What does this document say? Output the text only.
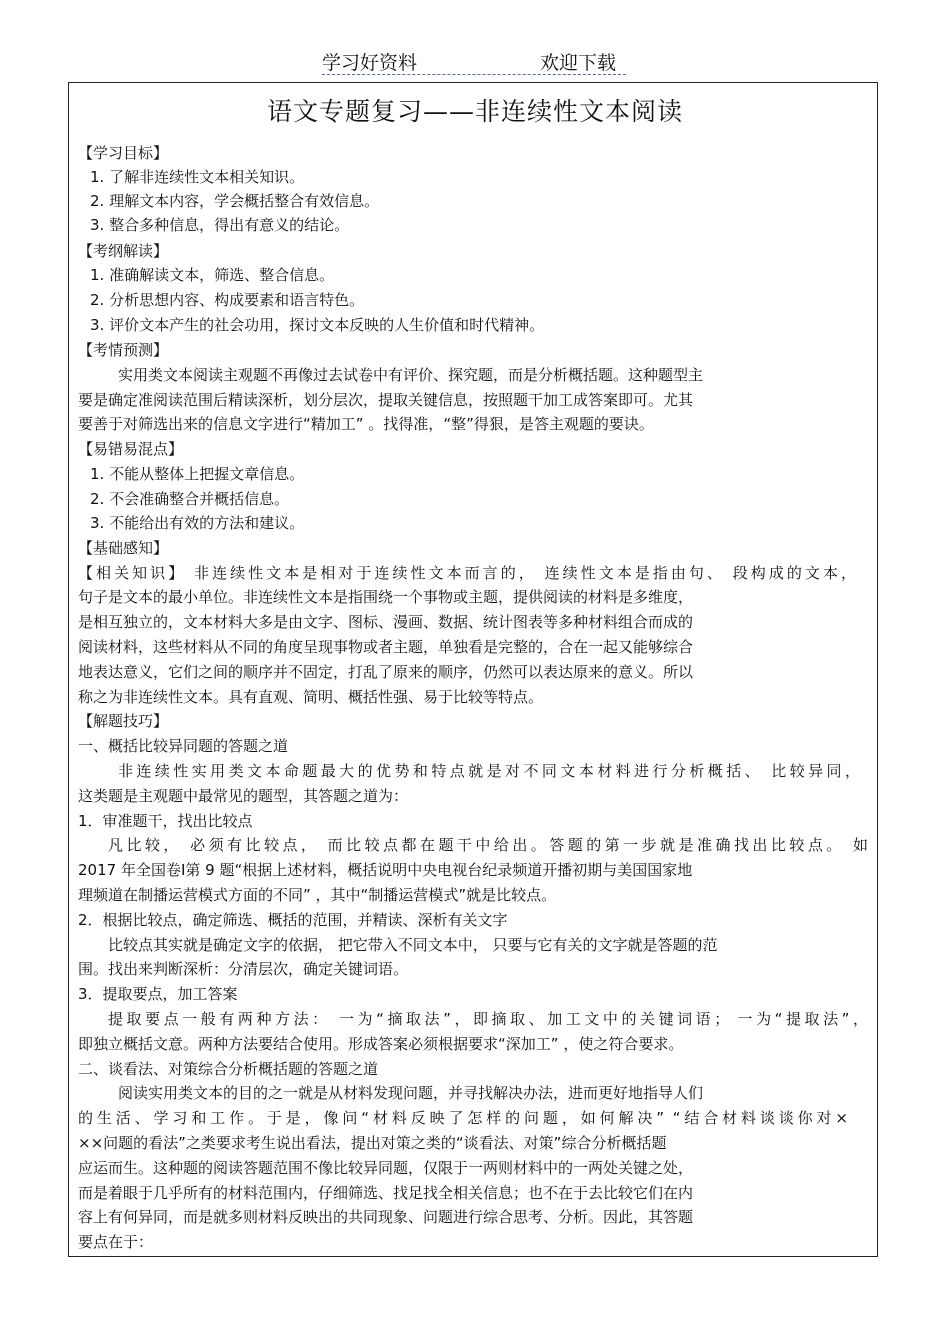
学习好资料	欢迎下载
语文专题复习——非连续性文本阅读
【学习目标】
1. 了解非连续性文本相关知识。
2. 理解文本内容，学会概括整合有效信息。
3. 整合多种信息，得出有意义的结论。
【考纲解读】
1. 准确解读文本，筛选、整合信息。
2. 分析思想内容、构成要素和语言特色。
3. 评价文本产生的社会功用，探讨文本反映的人生价值和时代精神。
【考情预测】
实用类文本阅读主观题不再像过去试卷中有评价、探究题，而是分析概括题。这种题型主
要是确定准阅读范围后精读深析，划分层次，提取关键信息，按照题干加工成答案即可。尤其
要善于对筛选出来的信息文字进行“精加工” 。找得准，“整”得狠，是答主观题的要诀。
【易错易混点】
1. 不能从整体上把握文章信息。
2. 不会准确整合并概括信息。
3. 不能给出有效的方法和建议。
【基础感知】
【相关知识】 非连续性文本是相对于连续性文本而言的， 连续性文本是指由句、 段构成的文本，
句子是文本的最小单位。非连续性文本是指围绕一个事物或主题，提供阅读的材料是多维度，
是相互独立的，文本材料大多是由文字、图标、漫画、数据、统计图表等多种材料组合而成的
阅读材料，这些材料从不同的角度呈现事物或者主题，单独看是完整的，合在一起又能够综合
地表达意义，它们之间的顺序并不固定，打乱了原来的顺序，仍然可以表达原来的意义。所以
称之为非连续性文本。具有直观、简明、概括性强、易于比较等特点。
【解题技巧】
一、概括比较异同题的答题之道
非连续性实用类文本命题最大的优势和特点就是对不同文本材料进行分析概括、 比较异同，
这类题是主观题中最常见的题型，其答题之道为：
1．审准题干，找出比较点
凡比较， 必须有比较点， 而比较点都在题干中给出。答题的第一步就是准确找出比较点。 如
2017 年全国卷Ⅰ第 9 题“根据上述材料，概括说明中央电视台纪录频道开播初期与美国国家地
理频道在制播运营模式方面的不同” ，其中“制播运营模式”就是比较点。
2．根据比较点，确定筛选、概括的范围，并精读、深析有关文字
比较点其实就是确定文字的依据， 把它带入不同文本中， 只要与它有关的文字就是答题的范
围。找出来判断深析：分清层次，确定关键词语。
3．提取要点，加工答案
提取要点一般有两种方法： 一为“摘取法”，即摘取、加工文中的关键词语； 一为“提取法”，
即独立概括文意。两种方法要结合使用。形成答案必须根据要求“深加工” ，使之符合要求。
二、谈看法、对策综合分析概括题的答题之道
阅读实用类文本的目的之一就是从材料发现问题，并寻找解决办法，进而更好地指导人们
的生活、学习和工作。于是，像问“材料反映了怎样的问题，如何解决” “结合材料谈谈你对×
××问题的看法”之类要求考生说出看法，提出对策之类的“谈看法、对策”综合分析概括题
应运而生。这种题的阅读答题范围不像比较异同题，仅限于一两则材料中的一两处关键之处，
而是着眼于几乎所有的材料范围内，仔细筛选、找足找全相关信息；也不在于去比较它们在内
容上有何异同，而是就多则材料反映出的共同现象、问题进行综合思考、分析。因此，其答题
要点在于：
